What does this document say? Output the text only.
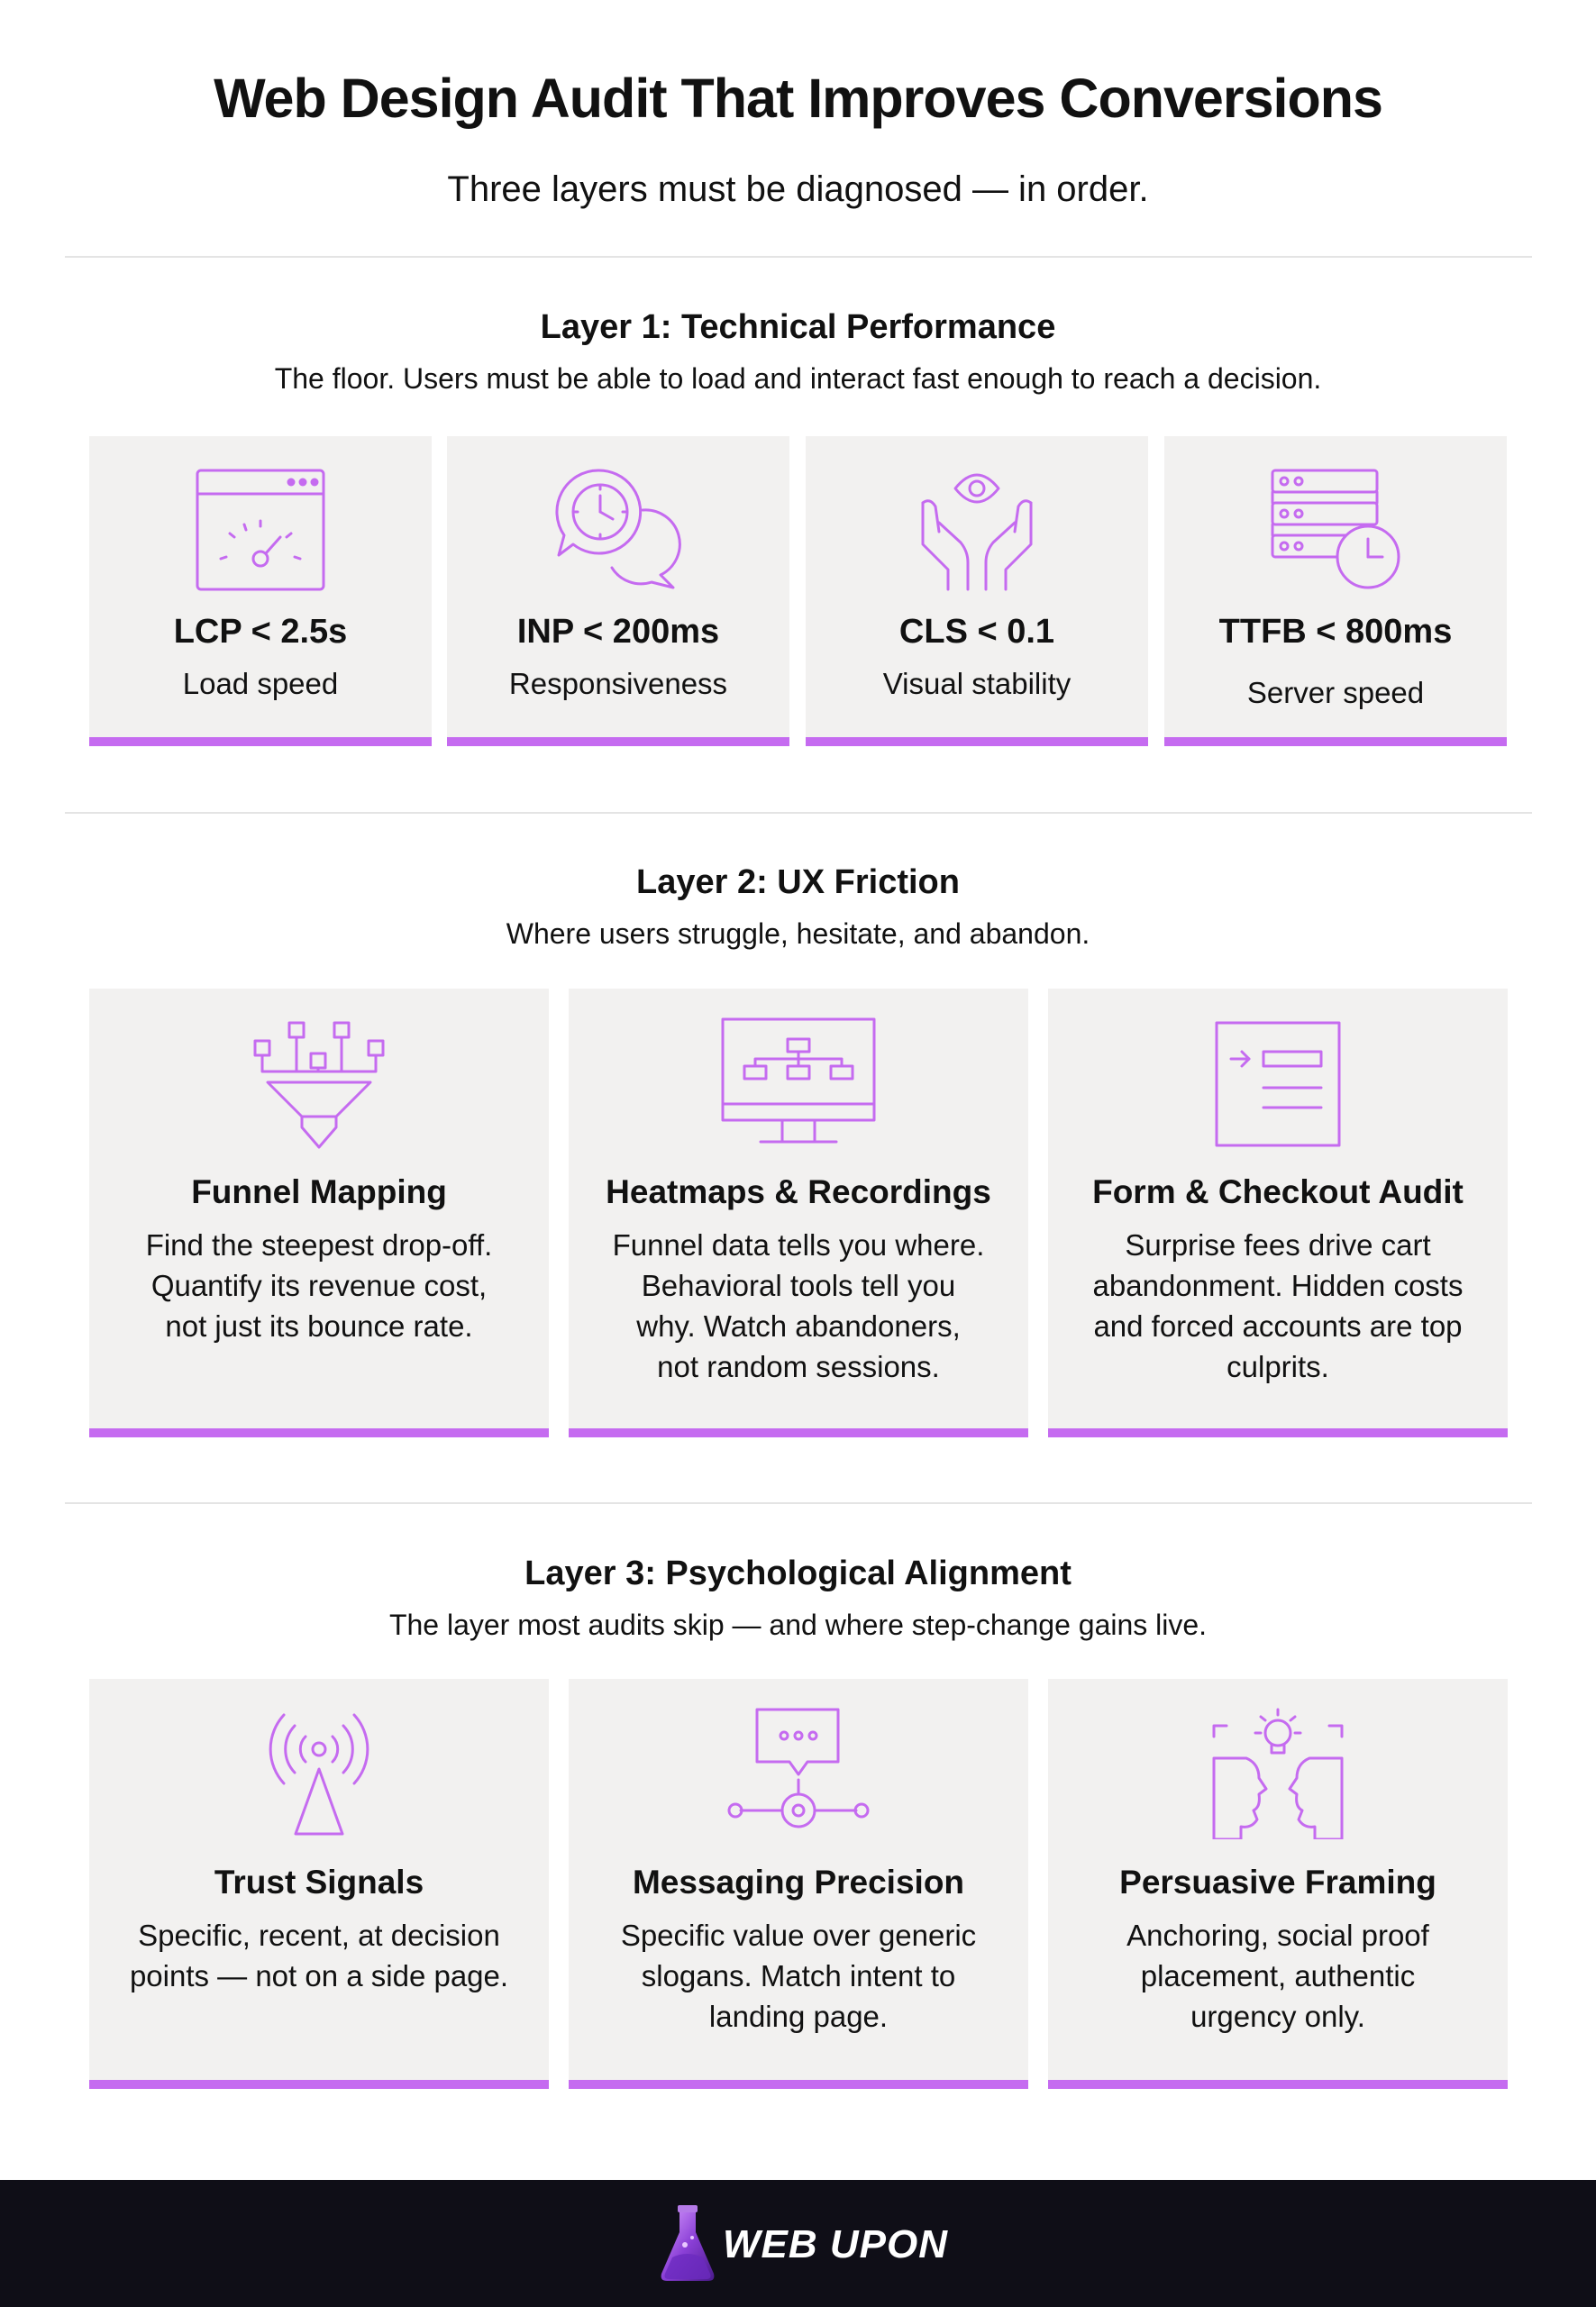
Web Design Audit That Improves Conversions
Three layers must be diagnosed — in order.
Layer 1: Technical Performance
The floor. Users must be able to load and interact fast enough to reach a decision.
LCP < 2.5s
Load speed
INP < 200ms
Responsiveness
CLS < 0.1
Visual stability
TTFB < 800ms
Server speed
Layer 2: UX Friction
Where users struggle, hesitate, and abandon.
Funnel Mapping
Find the steepest drop-off.
Quantify its revenue cost,
not just its bounce rate.
Heatmaps & Recordings
Funnel data tells you where.
Behavioral tools tell you
why. Watch abandoners,
not random sessions.
Form & Checkout Audit
Surprise fees drive cart
abandonment. Hidden costs
and forced accounts are top
culprits.
Layer 3: Psychological Alignment
The layer most audits skip — and where step-change gains live.
Trust Signals
Specific, recent, at decision
points — not on a side page.
Messaging Precision
Specific value over generic
slogans. Match intent to
landing page.
Persuasive Framing
Anchoring, social proof
placement, authentic
urgency only.
WEB UPON
